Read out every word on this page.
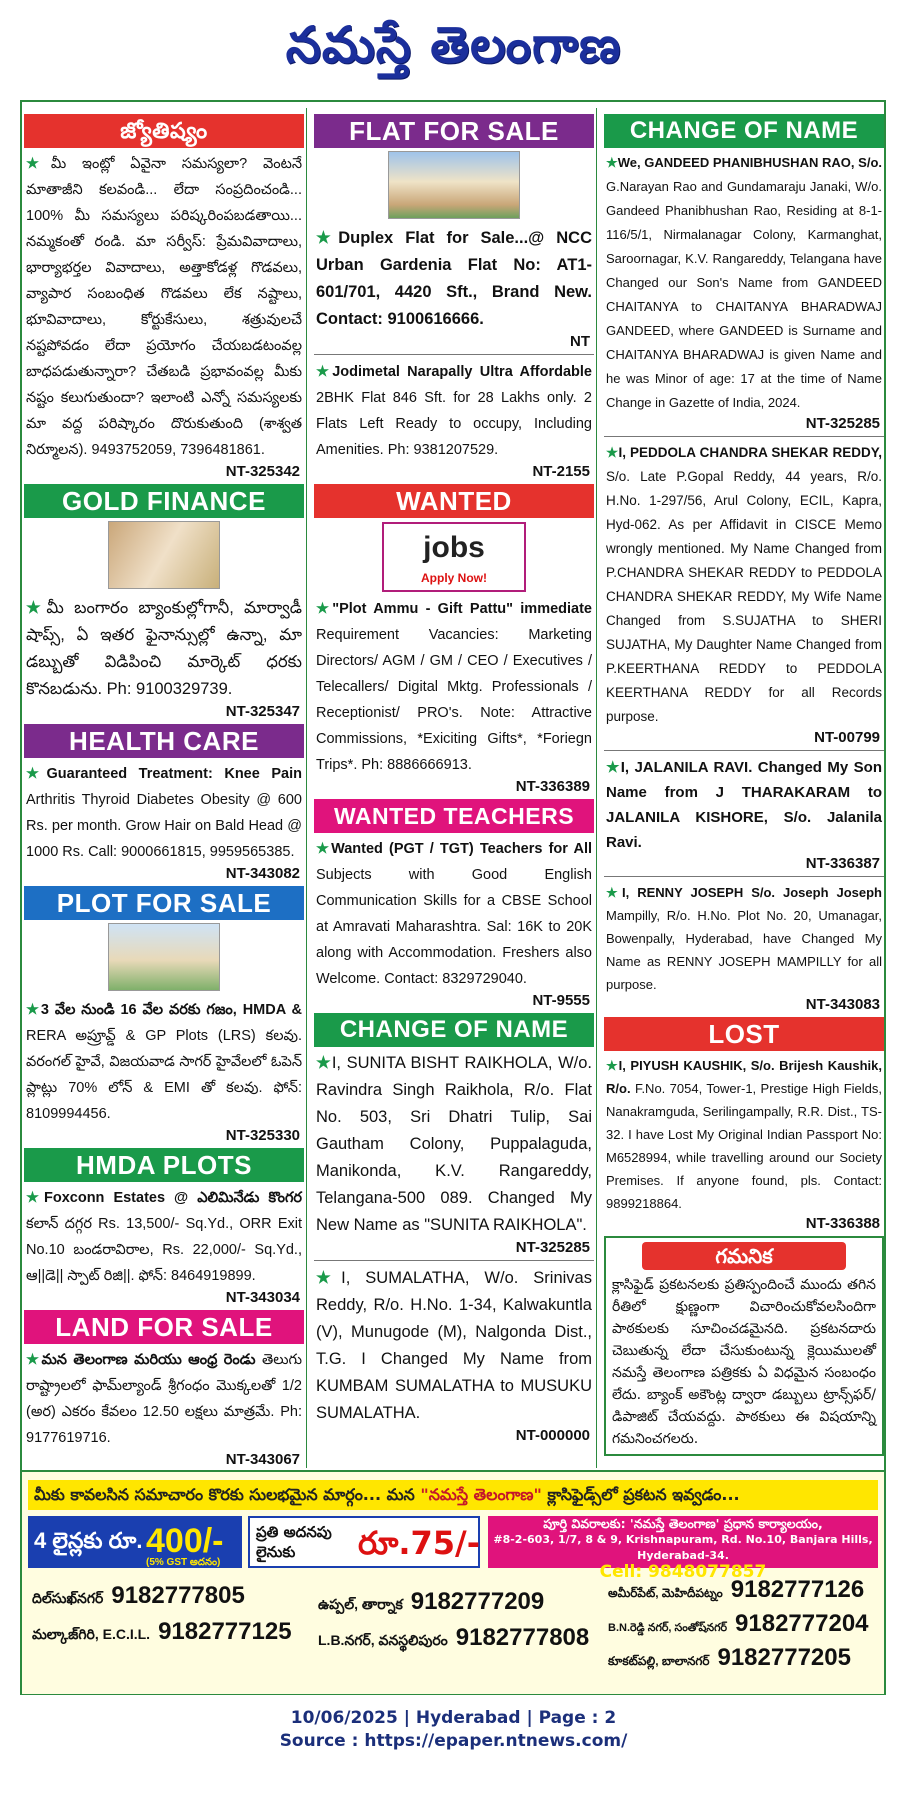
నమస్తే తెలంగాణ
జ్యోతిష్యం

★మీ ఇంట్లో ఏవైనా సమస్యలా? వెంటనే మాతాజీని కలవండి... లేదా సంప్రదించండి... 100% మీ సమస్యలు పరిష్కరింపబడతాయి... నమ్మకంతో రండి. మా సర్వీస్: ప్రేమవివాదాలు, భార్యాభర్తల వివాదాలు, అత్తాకోడళ్ల గొడవలు, వ్యాపార సంబంధిత గొడవలు లేక నష్టాలు, భూవివాదాలు, కోర్టుకేసులు, శత్రువులచే నష్టపోవడం లేదా ప్రయోగం చేయబడటంవల్ల బాధపడుతున్నారా? చేతబడి ప్రభావంవల్ల మీకు నష్టం కలుగుతుందా? ఇలాంటి ఎన్నో సమస్యలకు మా వద్ద పరిష్కారం దొరుకుతుంది (శాశ్వత నిర్మూలన). 9493752059, 7396481861.

NT-325342
GOLD FINANCE

★మీ బంగారం బ్యాంకుల్లోగానీ, మార్వాడీ షాప్స్, ఏ ఇతర ఫైనాన్సుల్లో ఉన్నా, మా డబ్బుతో విడిపించి మార్కెట్ ధరకు కొనబడును. Ph: 9100329739.

NT-325347
HEALTH CARE

★Guaranteed Treatment: Knee Pain Arthritis Thyroid Diabetes Obesity @ 600 Rs. per month. Grow Hair on Bald Head @ 1000 Rs. Call: 9000661815, 9959565385.

NT-343082
PLOT FOR SALE

★3 వేల నుండి 16 వేల వరకు గజం, HMDA & RERA అప్రూవ్డ్ & GP Plots (LRS) కలవు. వరంగల్ హైవే, విజయవాడ సాగర్ హైవేలలో ఓపెన్ ప్లాట్లు 70% లోన్ & EMI తో కలవు. ఫోన్: 8109994456.

NT-325330
HMDA PLOTS

★Foxconn Estates @ ఎలిమినేడు కొంగర కలాన్ దగ్గర Rs. 13,500/- Sq.Yd., ORR Exit No.10 బండరావిరాల, Rs. 22,000/- Sq.Yd., ఆ||డె|| స్పాట్ రిజి||. ఫోన్: 8464919899.

NT-343034
LAND FOR SALE

★మన తెలంగాణ మరియు ఆంధ్ర రెండు తెలుగు రాష్ట్రాలలో ఫామ్‌ల్యాండ్ శ్రీగంధం మొక్కలతో 1/2 (అర) ఎకరం కేవలం 12.50 లక్షలు మాత్రమే. Ph: 9177619716.

NT-343067
FLAT FOR SALE

★Duplex Flat for Sale...@ NCC Urban Gardenia Flat No: AT1-601/701, 4420 Sft., Brand New. Contact: 9100616666.

NT

★Jodimetal Narapally Ultra Affordable 2BHK Flat 846 Sft. for 28 Lakhs only. 2 Flats Left Ready to occupy, Including Amenities. Ph: 9381207529.

NT-2155
WANTED
jobs
Apply Now!

★"Plot Ammu - Gift Pattu" immediate Requirement Vacancies: Marketing Directors/ AGM / GM / CEO / Executives / Telecallers/ Digital Mktg. Professionals / Receptionist/ PRO's. Note: Attractive Commissions, *Exiciting Gifts*, *Foriegn Trips*. Ph: 8886666913.

NT-336389
WANTED TEACHERS

★Wanted (PGT / TGT) Teachers for All Subjects with Good English Communication Skills for a CBSE School at Amravati Maharashtra. Sal: 16K to 20K along with Accommodation. Freshers also Welcome. Contact: 8329729040.

NT-9555
CHANGE OF NAME

★I, SUNITA BISHT RAIKHOLA, W/o. Ravindra Singh Raikhola, R/o. Flat No. 503, Sri Dhatri Tulip, Sai Gautham Colony, Puppalaguda, Manikonda, K.V. Rangareddy, Telangana-500 089. Changed My New Name as "SUNITA RAIKHOLA".

NT-325285

★I, SUMALATHA, W/o. Srinivas Reddy, R/o. H.No. 1-34, Kalwakuntla (V), Munugode (M), Nalgonda Dist., T.G. I Changed My Name from KUMBAM SUMALATHA to MUSUKU SUMALATHA.

NT-000000
CHANGE OF NAME

★We, GANDEED PHANIBHUSHAN RAO, S/o. G.Narayan Rao and Gundamaraju Janaki, W/o. Gandeed Phanibhushan Rao, Residing at 8-1-116/5/1, Nirmalanagar Colony, Karmanghat, Saroornagar, K.V. Rangareddy, Telangana have Changed our Son's Name from GANDEED CHAITANYA to CHAITANYA BHARADWAJ GANDEED, where GANDEED is Surname and CHAITANYA BHARADWAJ is given Name and he was Minor of age: 17 at the time of Name Change in Gazette of India, 2024.

NT-325285

★I, PEDDOLA CHANDRA SHEKAR REDDY, S/o. Late P.Gopal Reddy, 44 years, R/o. H.No. 1-297/56, Arul Colony, ECIL, Kapra, Hyd-062. As per Affidavit in CISCE Memo wrongly mentioned. My Name Changed from P.CHANDRA SHEKAR REDDY to PEDDOLA CHANDRA SHEKAR REDDY, My Wife Name Changed from S.SUJATHA to SHERI SUJATHA, My Daughter Name Changed from P.KEERTHANA REDDY to PEDDOLA KEERTHANA REDDY for all Records purpose.

NT-00799

★I, JALANILA RAVI. Changed My Son Name from J THARAKARAM to JALANILA KISHORE, S/o. Jalanila Ravi.

NT-336387

★I, RENNY JOSEPH S/o. Joseph Joseph Mampilly, R/o. H.No. Plot No. 20, Umanagar, Bowenpally, Hyderabad, have Changed My Name as RENNY JOSEPH MAMPILLY for all purpose.

NT-343083
LOST

★I, PIYUSH KAUSHIK, S/o. Brijesh Kaushik, R/o. F.No. 7054, Tower-1, Prestige High Fields, Nanakramguda, Serilingampally, R.R. Dist., TS-32. I have Lost My Original Indian Passport No: M6528994, while travelling around our Society Premises. If anyone found, pls. Contact: 9899218864.

NT-336388
గమనిక
క్లాసిఫైడ్ ప్రకటనలకు ప్రతిస్పందించే ముందు తగిన రీతిలో క్షుణ్ణంగా విచారించుకోవలసిందిగా పాఠకులకు సూచించడమైనది. ప్రకటనదారు చెబుతున్న లేదా చేసుకుంటున్న క్లెయిములతో నమస్తే తెలంగాణ పత్రికకు ఏ విధమైన సంబంధం లేదు. బ్యాంక్ అకౌంట్ల ద్వారా డబ్బులు ట్రాన్స్‌ఫర్/డిపాజిట్ చేయవద్దు. పాఠకులు ఈ విషయాన్ని గమనించగలరు.
మీకు కావలసిన సమాచారం కొరకు సులభమైన మార్గం... మన "నమస్తే తెలంగాణ" క్లాసిఫైడ్స్‌లో ప్రకటన ఇవ్వడం...
4 లైన్లకు రూ. 400/-
(5% GST అదనం)
ప్రతి అదనపు లైనుకు	రూ.75/-
పూర్తి వివరాలకు: 'నమస్తే తెలంగాణ' ప్రధాన కార్యాలయం,
#8-2-603, 1/7, 8 & 9, Krishnapuram, Rd. No.10, Banjara Hills, Hyderabad-34.
Cell: 9848077857
దిల్‌సుఖ్‌నగర్ 9182777805
మల్కాజ్‌గిరి, E.C.I.L. 9182777125
ఉప్పల్, తార్నాక 9182777209
L.B.నగర్, వనస్థలిపురం 9182777808
అమీర్‌పేట్, మెహిదీపట్నం 9182777126
B.N.రెడ్డి నగర్, సంతోష్‌నగర్ 9182777204
కూకట్‌పల్లి, బాలానగర్ 9182777205
10/06/2025 | Hyderabad | Page : 2
Source : https://epaper.ntnews.com/
